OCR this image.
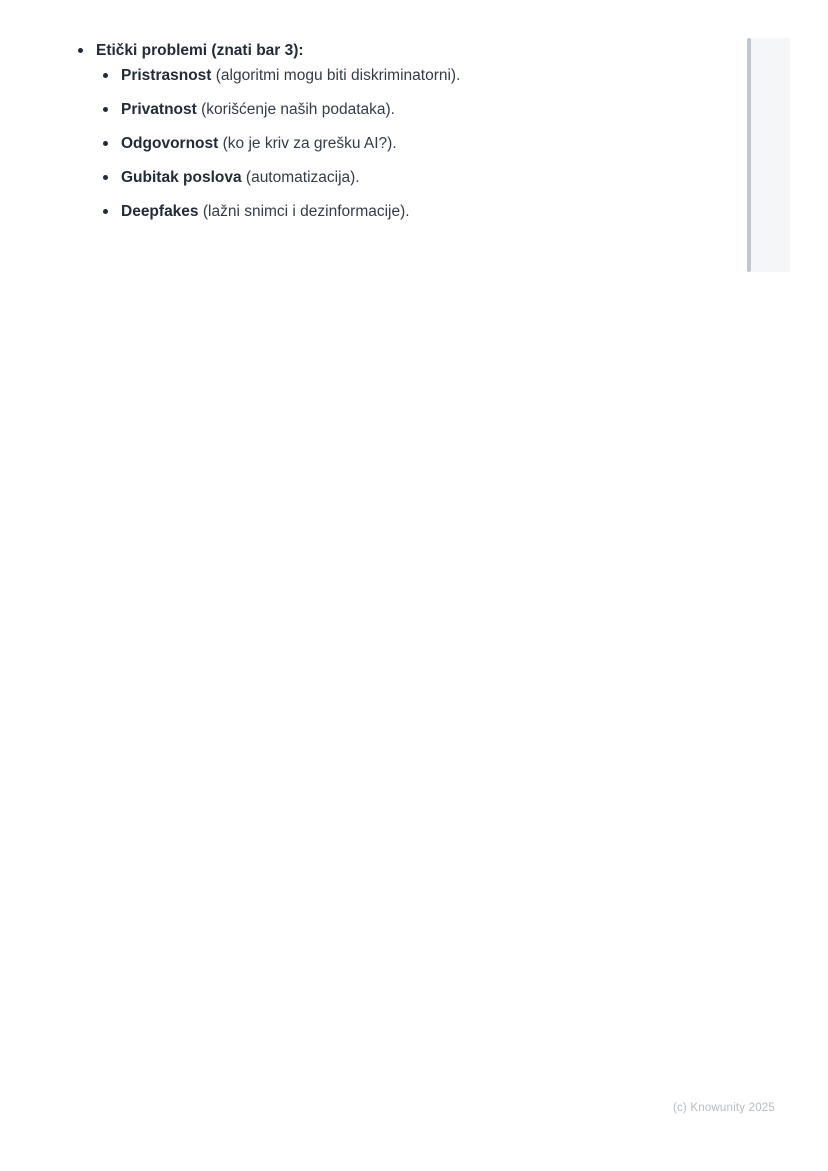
Etički problemi (znati bar 3):
Pristrasnost (algoritmi mogu biti diskriminatorni).
Privatnost (korišćenje naših podataka).
Odgovornost (ko je kriv za grešku AI?).
Gubitak poslova (automatizacija).
Deepfakes (lažni snimci i dezinformacije).
(c) Knowunity 2025
